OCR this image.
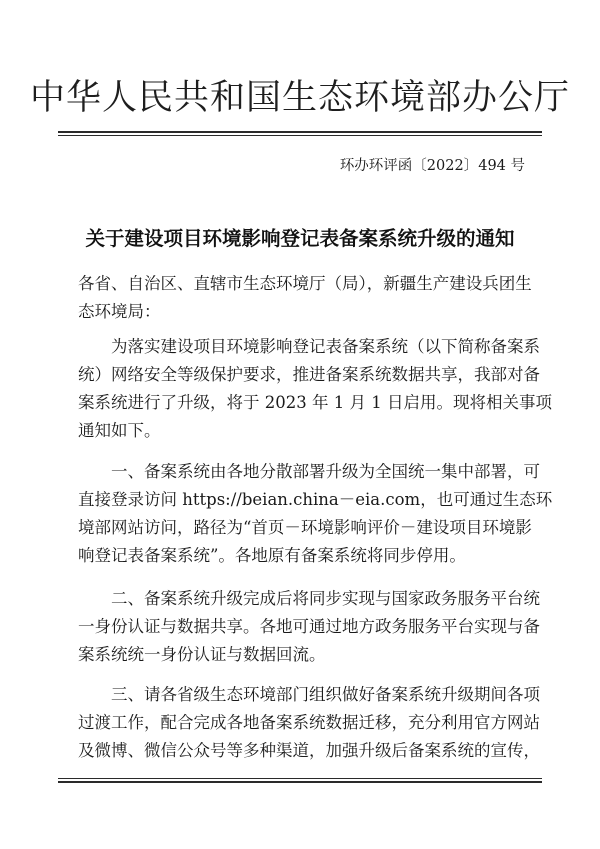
中华人民共和国生态环境部办公厅
环办环评函〔2022〕494 号
关于建设项目环境影响登记表备案系统升级的通知
各省、自治区、直辖市生态环境厅（局），新疆生产建设兵团生
态环境局：
为落实建设项目环境影响登记表备案系统（以下简称备案系
统）网络安全等级保护要求，推进备案系统数据共享，我部对备
案系统进行了升级，将于 2023 年 1 月 1 日启用。现将相关事项
通知如下。
一、备案系统由各地分散部署升级为全国统一集中部署，可
直接登录访问 https://beian.china－eia.com，也可通过生态环
境部网站访问，路径为“首页－环境影响评价－建设项目环境影
响登记表备案系统”。各地原有备案系统将同步停用。
二、备案系统升级完成后将同步实现与国家政务服务平台统
一身份认证与数据共享。各地可通过地方政务服务平台实现与备
案系统统一身份认证与数据回流。
三、请各省级生态环境部门组织做好备案系统升级期间各项
过渡工作，配合完成各地备案系统数据迁移，充分利用官方网站
及微博、微信公众号等多种渠道，加强升级后备案系统的宣传，
